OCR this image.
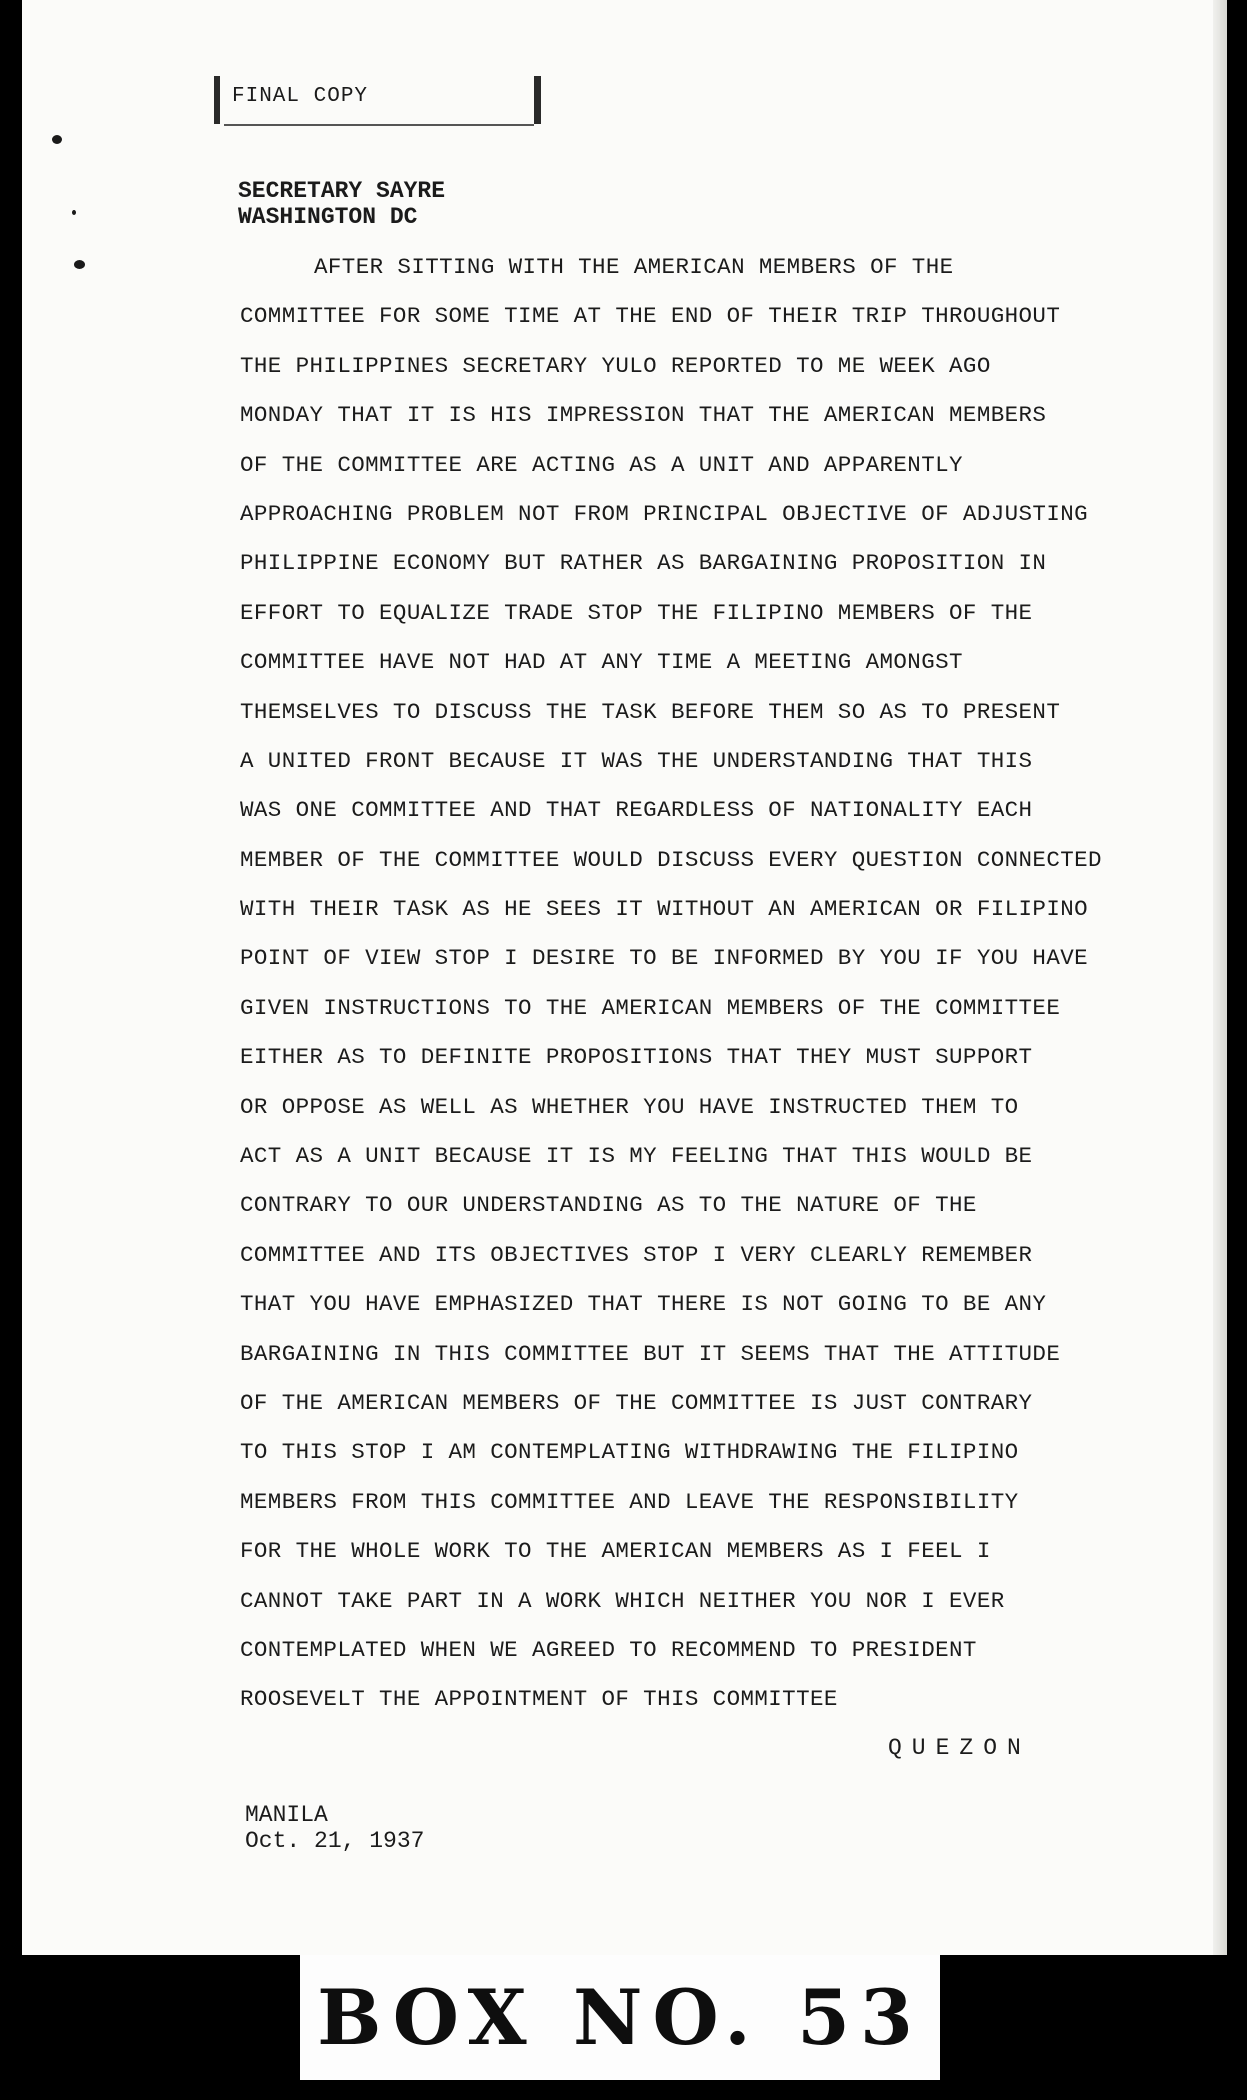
FINAL COPY
SECRETARY SAYRE
WASHINGTON DC
AFTER SITTING WITH THE AMERICAN MEMBERS OF THE
COMMITTEE FOR SOME TIME AT THE END OF THEIR TRIP THROUGHOUT
THE PHILIPPINES SECRETARY YULO REPORTED TO ME WEEK AGO
MONDAY THAT IT IS HIS IMPRESSION THAT THE AMERICAN MEMBERS
OF THE COMMITTEE ARE ACTING AS A UNIT AND APPARENTLY
APPROACHING PROBLEM NOT FROM PRINCIPAL OBJECTIVE OF ADJUSTING
PHILIPPINE ECONOMY BUT RATHER AS BARGAINING PROPOSITION IN
EFFORT TO EQUALIZE TRADE STOP THE FILIPINO MEMBERS OF THE
COMMITTEE HAVE NOT HAD AT ANY TIME A MEETING AMONGST
THEMSELVES TO DISCUSS THE TASK BEFORE THEM SO AS TO PRESENT
A UNITED FRONT BECAUSE IT WAS THE UNDERSTANDING THAT THIS
WAS ONE COMMITTEE AND THAT REGARDLESS OF NATIONALITY EACH
MEMBER OF THE COMMITTEE WOULD DISCUSS EVERY QUESTION CONNECTED
WITH THEIR TASK AS HE SEES IT WITHOUT AN AMERICAN OR FILIPINO
POINT OF VIEW STOP I DESIRE TO BE INFORMED BY YOU IF YOU HAVE
GIVEN INSTRUCTIONS TO THE AMERICAN MEMBERS OF THE COMMITTEE
EITHER AS TO DEFINITE PROPOSITIONS THAT THEY MUST SUPPORT
OR OPPOSE AS WELL AS WHETHER YOU HAVE INSTRUCTED THEM TO
ACT AS A UNIT BECAUSE IT IS MY FEELING THAT THIS WOULD BE
CONTRARY TO OUR UNDERSTANDING AS TO THE NATURE OF THE
COMMITTEE AND ITS OBJECTIVES STOP I VERY CLEARLY REMEMBER
THAT YOU HAVE EMPHASIZED THAT THERE IS NOT GOING TO BE ANY
BARGAINING IN THIS COMMITTEE BUT IT SEEMS THAT THE ATTITUDE
OF THE AMERICAN MEMBERS OF THE COMMITTEE IS JUST CONTRARY
TO THIS STOP I AM CONTEMPLATING WITHDRAWING THE FILIPINO
MEMBERS FROM THIS COMMITTEE AND LEAVE THE RESPONSIBILITY
FOR THE WHOLE WORK TO THE AMERICAN MEMBERS AS I FEEL I
CANNOT TAKE PART IN A WORK WHICH NEITHER YOU NOR I EVER
CONTEMPLATED WHEN WE AGREED TO RECOMMEND TO PRESIDENT
ROOSEVELT THE APPOINTMENT OF THIS COMMITTEE
QUEZON
MANILA
Oct. 21, 1937
BOX NO. 53
